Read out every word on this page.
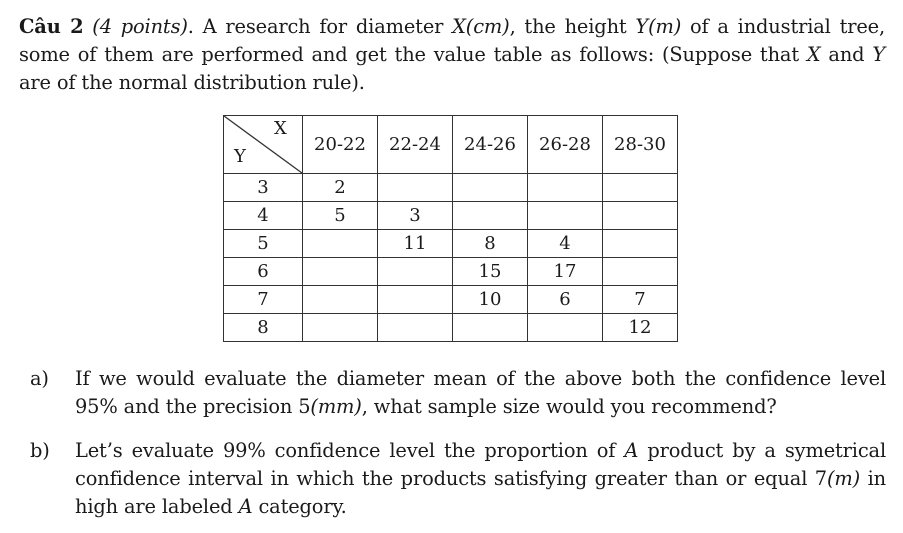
Câu 2 (4 points). A research for diameter X(cm), the height Y(m) of a industrial tree, some of them are performed and get the value table as follows: (Suppose that X and Y are of the normal distribution rule).
X
Y	20-22	22-24	24-26	26-28	28-30
3	2				
4	5	3			
5		11	8	4	
6			15	17	
7			10	6	7
8					12
a) If we would evaluate the diameter mean of the above both the confidence level 95% and the precision 5(mm), what sample size would you recommend?
b) Let’s evaluate 99% confidence level the proportion of A product by a symetrical confidence interval in which the products satisfying greater than or equal 7(m) in high are labeled A category.
